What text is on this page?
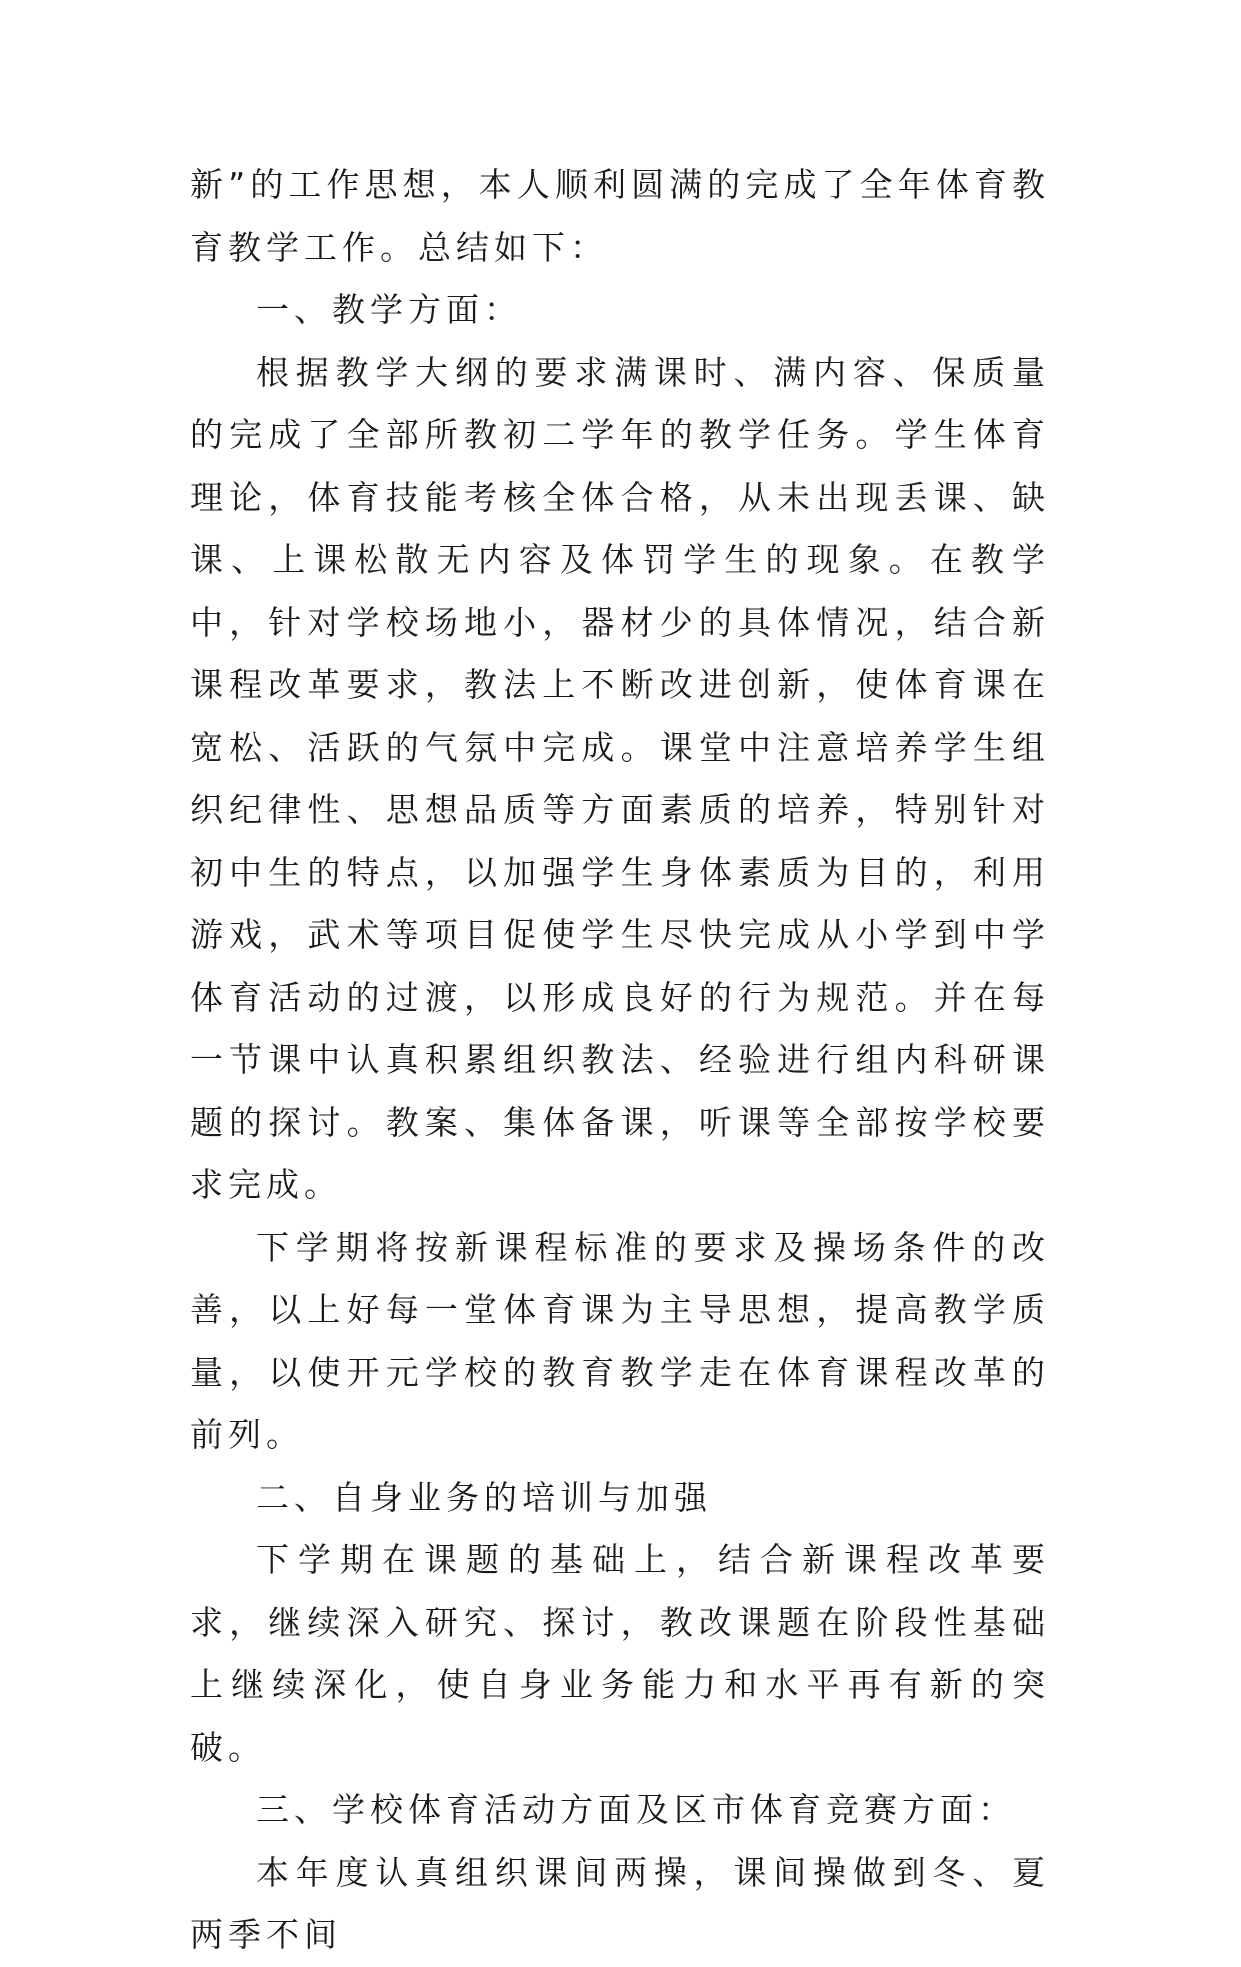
新”的工作思想，本人顺利圆满的完成了全年体育教育教学工作。总结如下：

一、教学方面：

根据教学大纲的要求满课时、满内容、保质量的完成了全部所教初二学年的教学任务。学生体育理论，体育技能考核全体合格，从未出现丢课、缺课、上课松散无内容及体罚学生的现象。在教学中，针对学校场地小，器材少的具体情况，结合新课程改革要求，教法上不断改进创新，使体育课在宽松、活跃的气氛中完成。课堂中注意培养学生组织纪律性、思想品质等方面素质的培养，特别针对初中生的特点，以加强学生身体素质为目的，利用游戏，武术等项目促使学生尽快完成从小学到中学体育活动的过渡，以形成良好的行为规范。并在每一节课中认真积累组织教法、经验进行组内科研课题的探讨。教案、集体备课，听课等全部按学校要求完成。

下学期将按新课程标准的要求及操场条件的改善，以上好每一堂体育课为主导思想，提高教学质量，以使开元学校的教育教学走在体育课程改革的前列。

二、自身业务的培训与加强

下学期在课题的基础上，结合新课程改革要求，继续深入研究、探讨，教改课题在阶段性基础上继续深化，使自身业务能力和水平再有新的突破。

三、学校体育活动方面及区市体育竞赛方面：

本年度认真组织课间两操，课间操做到冬、夏两季不间
